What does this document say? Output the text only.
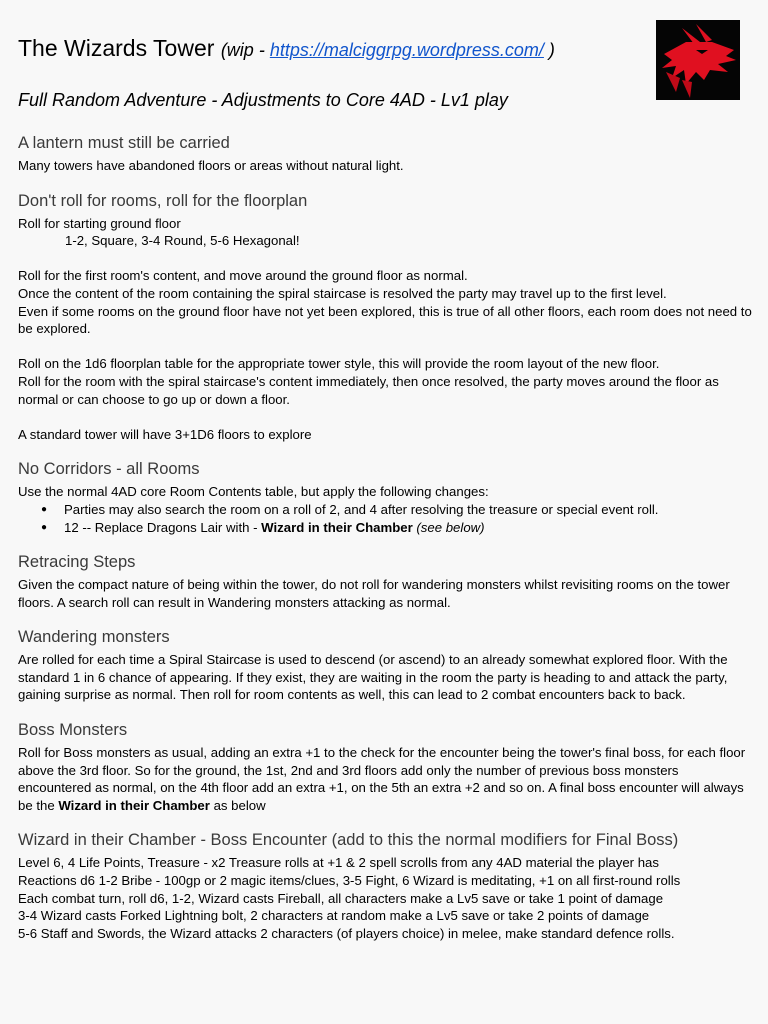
The Wizards Tower (wip - https://malciggrpg.wordpress.com/ )
Full Random Adventure - Adjustments to Core 4AD - Lv1 play
A lantern must still be carried

Many towers have abandoned floors or areas without natural light.

Don't roll for rooms, roll for the floorplan

Roll for starting ground floor

1-2, Square, 3-4 Round, 5-6 Hexagonal!

Roll for the first room's content, and move around the ground floor as normal.

Once the content of the room containing the spiral staircase is resolved the party may travel up to the first level.

Even if some rooms on the ground floor have not yet been explored, this is true of all other floors, each room does not need to be explored.

Roll on the 1d6 floorplan table for the appropriate tower style, this will provide the room layout of the new floor.

Roll for the room with the spiral staircase's content immediately, then once resolved, the party moves around the floor as normal or can choose to go up or down a floor.

A standard tower will have 3+1D6 floors to explore

No Corridors - all Rooms

Use the normal 4AD core Room Contents table, but apply the following changes:

● Parties may also search the room on a roll of 2, and 4 after resolving the treasure or special event roll.
● 12 -- Replace Dragons Lair with - Wizard in their Chamber (see below)
Retracing Steps

Given the compact nature of being within the tower, do not roll for wandering monsters whilst revisiting rooms on the tower floors. A search roll can result in Wandering monsters attacking as normal.

Wandering monsters

Are rolled for each time a Spiral Staircase is used to descend (or ascend) to an already somewhat explored floor. With the standard 1 in 6 chance of appearing. If they exist, they are waiting in the room the party is heading to and attack the party, gaining surprise as normal. Then roll for room contents as well, this can lead to 2 combat encounters back to back.

Boss Monsters

Roll for Boss monsters as usual, adding an extra +1 to the check for the encounter being the tower's final boss, for each floor above the 3rd floor. So for the ground, the 1st, 2nd and 3rd floors add only the number of previous boss monsters encountered as normal, on the 4th floor add an extra +1, on the 5th an extra +2 and so on. A final boss encounter will always be the Wizard in their Chamber as below

Wizard in their Chamber - Boss Encounter (add to this the normal modifiers for Final Boss)

Level 6, 4 Life Points, Treasure - x2 Treasure rolls at +1 & 2 spell scrolls from any 4AD material the player has

Reactions d6 1-2 Bribe - 100gp or 2 magic items/clues, 3-5 Fight, 6 Wizard is meditating, +1 on all first-round rolls

Each combat turn, roll d6, 1-2, Wizard casts Fireball, all characters make a Lv5 save or take 1 point of damage

3-4 Wizard casts Forked Lightning bolt, 2 characters at random make a Lv5 save or take 2 points of damage

5-6 Staff and Swords, the Wizard attacks 2 characters (of players choice) in melee, make standard defence rolls.
